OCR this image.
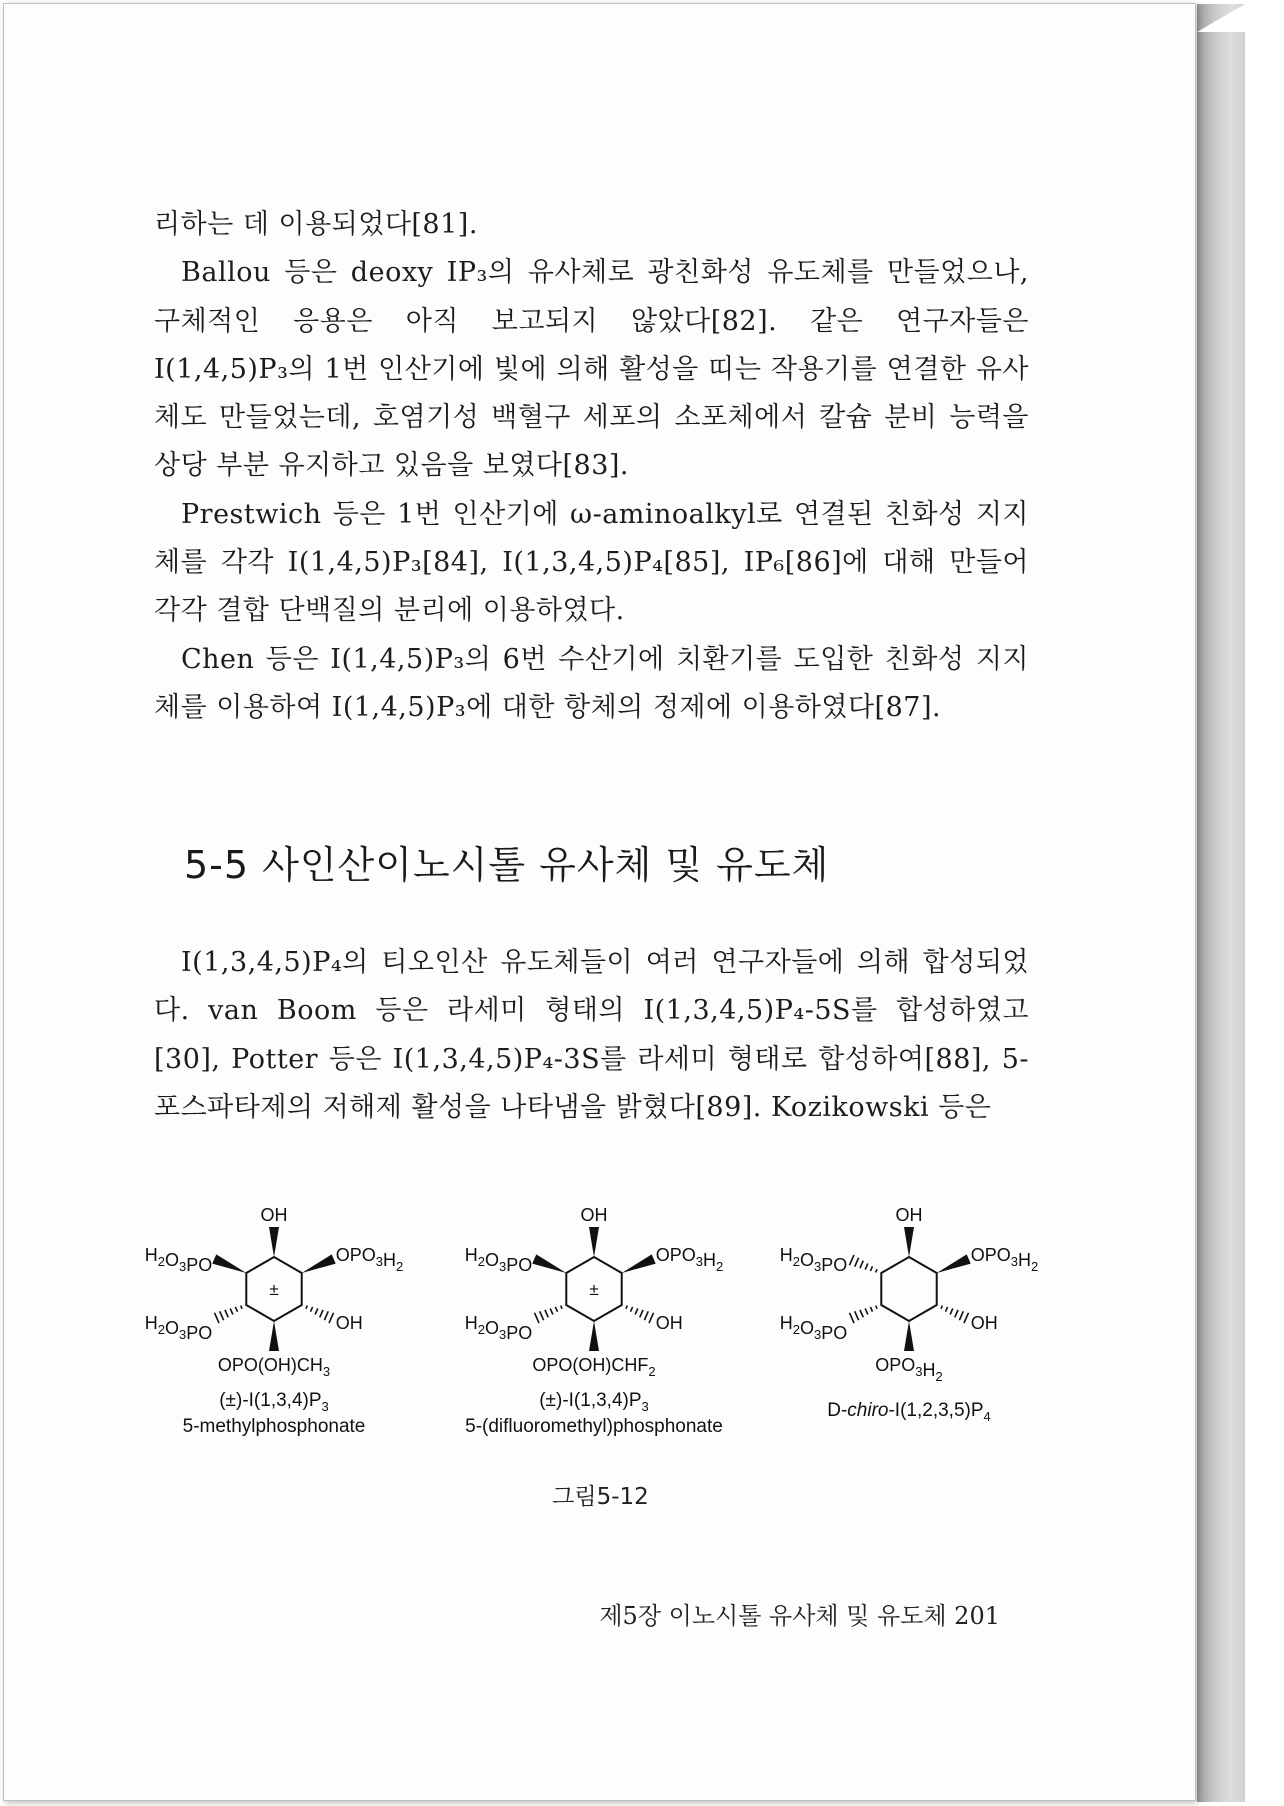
리하는 데 이용되었다[81].

Ballou 등은 deoxy IP₃의 유사체로 광친화성 유도체를 만들었으나, 구체적인 응용은 아직 보고되지 않았다[82]. 같은 연구자들은 I(1,4,5)P₃의 1번 인산기에 빛에 의해 활성을 띠는 작용기를 연결한 유사체도 만들었는데, 호염기성 백혈구 세포의 소포체에서 칼슘 분비 능력을 상당 부분 유지하고 있음을 보였다[83].

Prestwich 등은 1번 인산기에 ω-aminoalkyl로 연결된 친화성 지지체를 각각 I(1,4,5)P₃[84], I(1,3,4,5)P₄[85], IP₆[86]에 대해 만들어 각각 결합 단백질의 분리에 이용하였다.

Chen 등은 I(1,4,5)P₃의 6번 수산기에 치환기를 도입한 친화성 지지체를 이용하여 I(1,4,5)P₃에 대한 항체의 정제에 이용하였다[87].

5-5 사인산이노시톨 유사체 및 유도체

I(1,3,4,5)P₄의 티오인산 유도체들이 여러 연구자들에 의해 합성되었다. van Boom 등은 라세미 형태의 I(1,3,4,5)P₄-5S를 합성하였고 [30], Potter 등은 I(1,3,4,5)P₄-3S를 라세미 형태로 합성하여[88], 5-포스파타제의 저해제 활성을 나타냄을 밝혔다[89]. Kozikowski 등은

OH
$H_2O_3PO$	$OPO_3H_2$
$H_2O_3PO$	OH
$OPO(OH)CH_3$
±
$(\pm)-I(1,3,4)P_3$
5-methylphosphonate
OH
$H_2O_3PO$	$OPO_3H_2$
$H_2O_3PO$	OH
$OPO(OH)CHF_2$
±
$(\pm)-I(1,3,4)P_3$
5-(difluoromethyl)phosphonate
OH
$H_2O_3PO$	$OPO_3H_2$
$H_2O_3PO$	OH
$OPO_3H_2$
$D-chiro-I(1,2,3,5)P_4$
그림5-12
제5장 이노시톨 유사체 및 유도체 201
